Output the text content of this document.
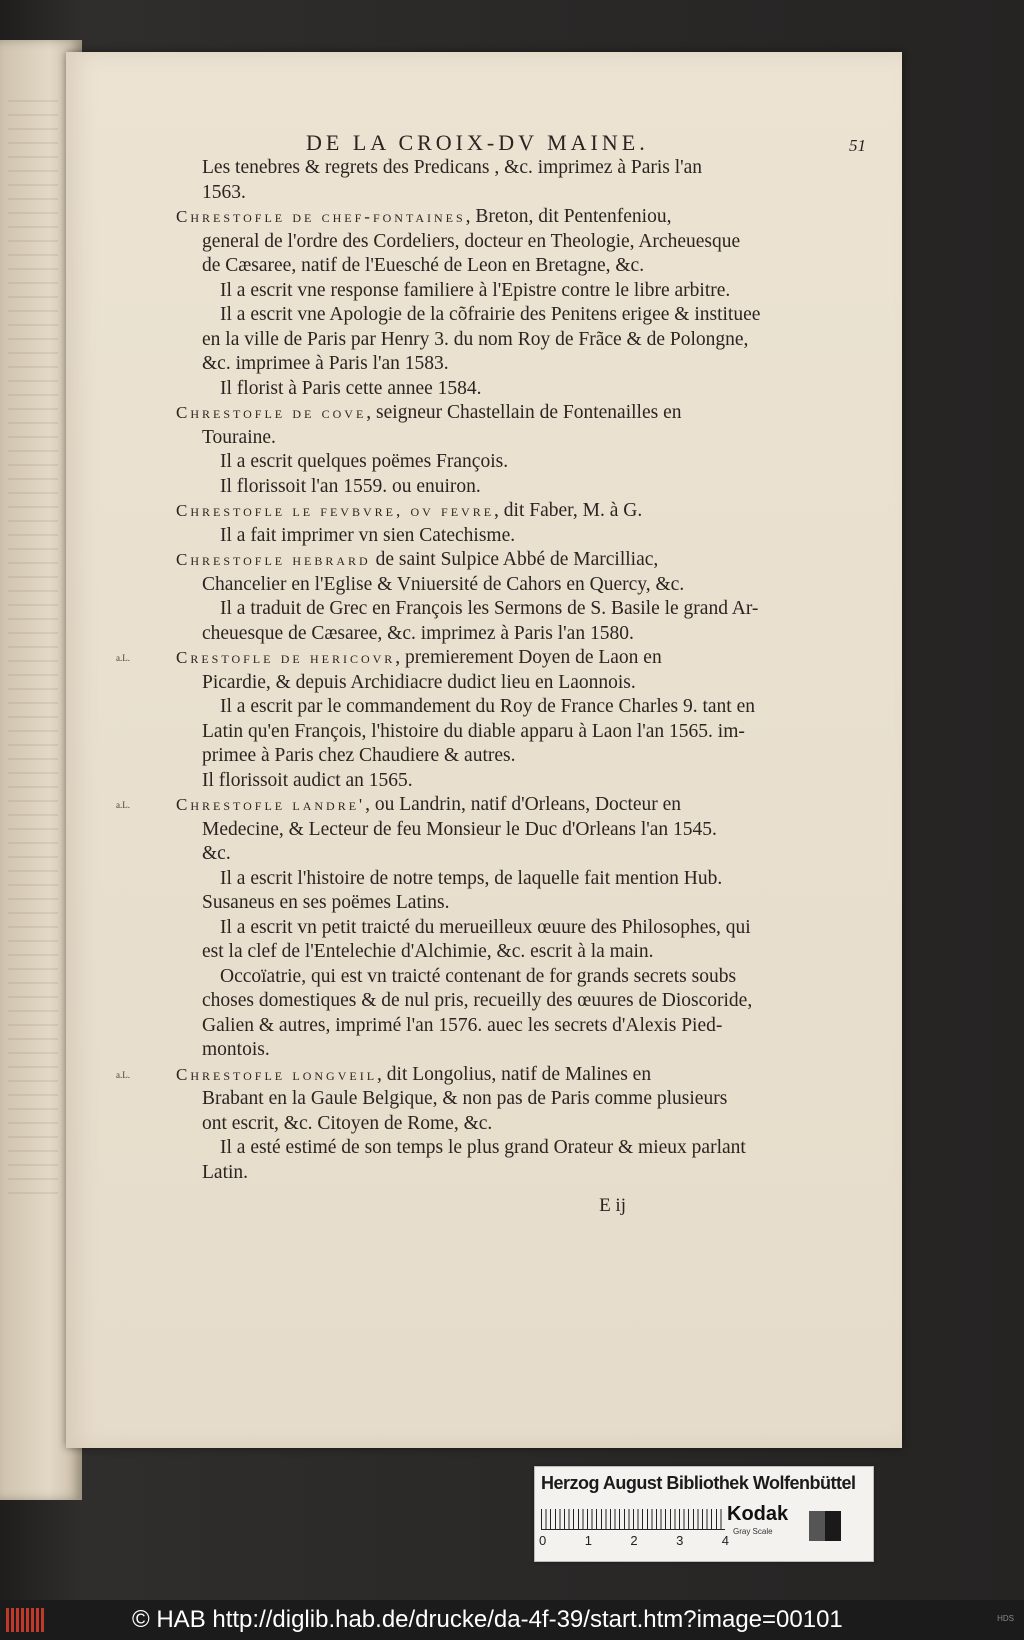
DE LA CROIX-DV MAINE.	51
Les tenebres & regrets des Predicans , &c. imprimez à Paris l'an
1563.
Chrestofle de chef-fontaines, Breton, dit Pentenfeniou,
general de l'ordre des Cordeliers, docteur en Theologie, Archeuesque
de Cæsaree, natif de l'Euesché de Leon en Bretagne, &c.
Il a escrit vne response familiere à l'Epistre contre le libre arbitre.
Il a escrit vne Apologie de la cõfrairie des Penitens erigee & instituee
en la ville de Paris par Henry 3. du nom Roy de Frãce & de Polongne,
&c. imprimee à Paris l'an 1583.
Il florist à Paris cette annee 1584.
Chrestofle de cove, seigneur Chastellain de Fontenailles en
Touraine.
Il a escrit quelques poëmes François.
Il florissoit l'an 1559. ou enuiron.
Chrestofle le fevbvre, ov fevre, dit Faber, M. à G.
Il a fait imprimer vn sien Catechisme.
Chrestofle hebrard de saint Sulpice Abbé de Marcilliac,
Chancelier en l'Eglise & Vniuersité de Cahors en Quercy, &c.
Il a traduit de Grec en François les Sermons de S. Basile le grand Ar-
cheuesque de Cæsaree, &c. imprimez à Paris l'an 1580.
a.L.	Crestofle de hericovr, premierement Doyen de Laon en
Picardie, & depuis Archidiacre dudict lieu en Laonnois.
Il a escrit par le commandement du Roy de France Charles 9. tant en
Latin qu'en François, l'histoire du diable apparu à Laon l'an 1565. im-
primee à Paris chez Chaudiere & autres.
Il florissoit audict an 1565.
a.L.	Chrestofle landre', ou Landrin, natif d'Orleans, Docteur en
Medecine, & Lecteur de feu Monsieur le Duc d'Orleans l'an 1545.
&c.
Il a escrit l'histoire de notre temps, de laquelle fait mention Hub.
Susaneus en ses poëmes Latins.
Il a escrit vn petit traicté du merueilleux œuure des Philosophes, qui
est la clef de l'Entelechie d'Alchimie, &c. escrit à la main.
Occoïatrie, qui est vn traicté contenant de for grands secrets soubs
choses domestiques & de nul pris, recueilly des œuures de Dioscoride,
Galien & autres, imprimé l'an 1576. auec les secrets d'Alexis Pied-
montois.
a.L.	Chrestofle longveil, dit Longolius, natif de Malines en
Brabant en la Gaule Belgique, & non pas de Paris comme plusieurs
ont escrit, &c. Citoyen de Rome, &c.
Il a esté estimé de son temps le plus grand Orateur & mieux parlant
Latin.
E ij
Herzog August Bibliothek Wolfenbüttel
0	1	2	3	4
Kodak
Gray Scale
© HAB http://diglib.hab.de/drucke/da-4f-39/start.htm?image=00101	HDS
